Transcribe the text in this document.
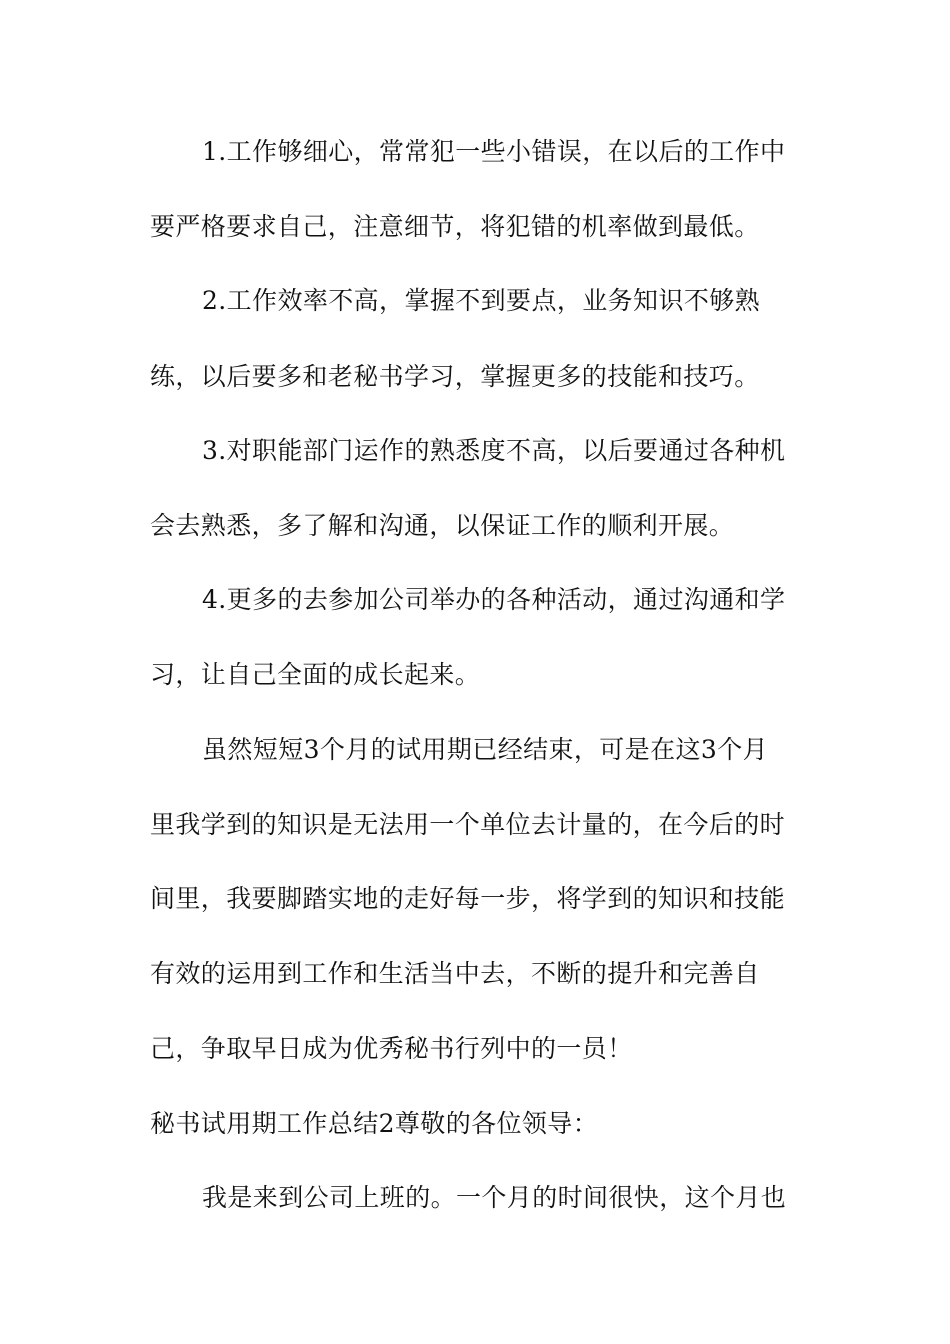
1.工作够细心，常常犯一些小错误，在以后的工作中
要严格要求自己，注意细节，将犯错的机率做到最低。
2.工作效率不高，掌握不到要点，业务知识不够熟
练，以后要多和老秘书学习，掌握更多的技能和技巧。
3.对职能部门运作的熟悉度不高，以后要通过各种机
会去熟悉，多了解和沟通，以保证工作的顺利开展。
4.更多的去参加公司举办的各种活动，通过沟通和学
习，让自己全面的成长起来。
虽然短短3个月的试用期已经结束，可是在这3个月
里我学到的知识是无法用一个单位去计量的，在今后的时
间里，我要脚踏实地的走好每一步，将学到的知识和技能
有效的运用到工作和生活当中去，不断的提升和完善自
己，争取早日成为优秀秘书行列中的一员！
秘书试用期工作总结2尊敬的各位领导：
我是来到公司上班的。一个月的时间很快，这个月也
